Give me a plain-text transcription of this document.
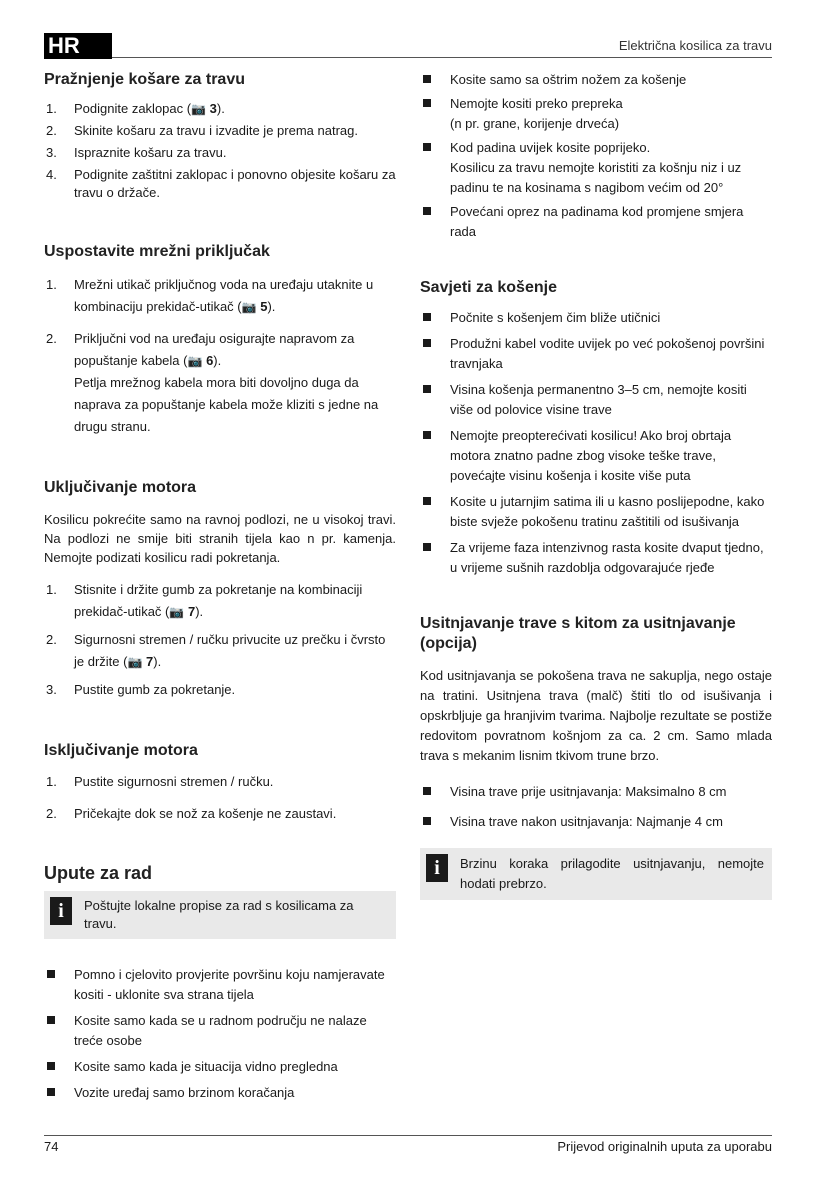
HR	Električna kosilica za travu
Pražnjenje košare za travu
1. Podignite zaklopac (📷 3).
2. Skinite košaru za travu i izvadite je prema natrag.
3. Ispraznite košaru za travu.
4. Podignite zaštitni zaklopac i ponovno objesite košaru za travu o držače.
Uspostavite mrežni priključak
1. Mrežni utikač priključnog voda na uređaju utaknite u kombinaciju prekidač-utikač (📷 5).
2. Priključni vod na uređaju osigurajte napravom za popuštanje kabela (📷 6).
Petlja mrežnog kabela mora biti dovoljno duga da naprava za popuštanje kabela može kliziti s jedne na drugu stranu.
Uključivanje motora

Kosilicu pokrećite samo na ravnoj podlozi, ne u visokoj travi. Na podlozi ne smije biti stranih tijela kao n pr. kamenja. Nemojte podizati kosilicu radi pokretanja.

1. Stisnite i držite gumb za pokretanje na kombinaciji prekidač-utikač (📷 7).
2. Sigurnosni stremen / ručku privucite uz prečku i čvrsto je držite (📷 7).
3. Pustite gumb za pokretanje.
Isključivanje motora
1. Pustite sigurnosni stremen / ručku.
2. Pričekajte dok se nož za košenje ne zaustavi.
Upute za rad
i	Poštujte lokalne propise za rad s kosilicama za travu.
Pomno i cjelovito provjerite površinu koju namjeravate kositi - uklonite sva strana tijela
Kosite samo kada se u radnom području ne nalaze treće osobe
Kosite samo kada je situacija vidno pregledna
Vozite uređaj samo brzinom koračanja
Kosite samo sa oštrim nožem za košenje
Nemojte kositi preko prepreka
(n pr. grane, korijenje drveća)
Kod padina uvijek kosite poprijeko.
Kosilicu za travu nemojte koristiti za košnju niz i uz padinu te na kosinama s nagibom većim od 20°
Povećani oprez na padinama kod promjene smjera rada
Savjeti za košenje
Počnite s košenjem čim bliže utičnici
Produžni kabel vodite uvijek po već pokošenoj površini travnjaka
Visina košenja permanentno 3–5 cm, nemojte kositi više od polovice visine trave
Nemojte preopterećivati kosilicu! Ako broj obrtaja motora znatno padne zbog visoke teške trave, povećajte visinu košenja i kosite više puta
Kosite u jutarnjim satima ili u kasno poslijepodne, kako biste svježe pokošenu tratinu zaštitili od isušivanja
Za vrijeme faza intenzivnog rasta kosite dvaput tjedno, u vrijeme sušnih razdoblja odgovarajuće rjeđe
Usitnjavanje trave s kitom za usitnjavanje (opcija)

Kod usitnjavanja se pokošena trava ne sakuplja, nego ostaje na tratini. Usitnjena trava (malč) štiti tlo od isušivanja i opskrbljuje ga hranjivim tvarima. Najbolje rezultate se postiže redovitom povratnom košnjom za ca. 2 cm. Samo mlada trava s mekanim lisnim tkivom trune brzo.

Visina trave prije usitnjavanja: Maksimalno 8 cm
Visina trave nakon usitnjavanja: Najmanje 4 cm
i	Brzinu koraka prilagodite usitnjavanju, nemojte hodati prebrzo.
74	Prijevod originalnih uputa za uporabu
